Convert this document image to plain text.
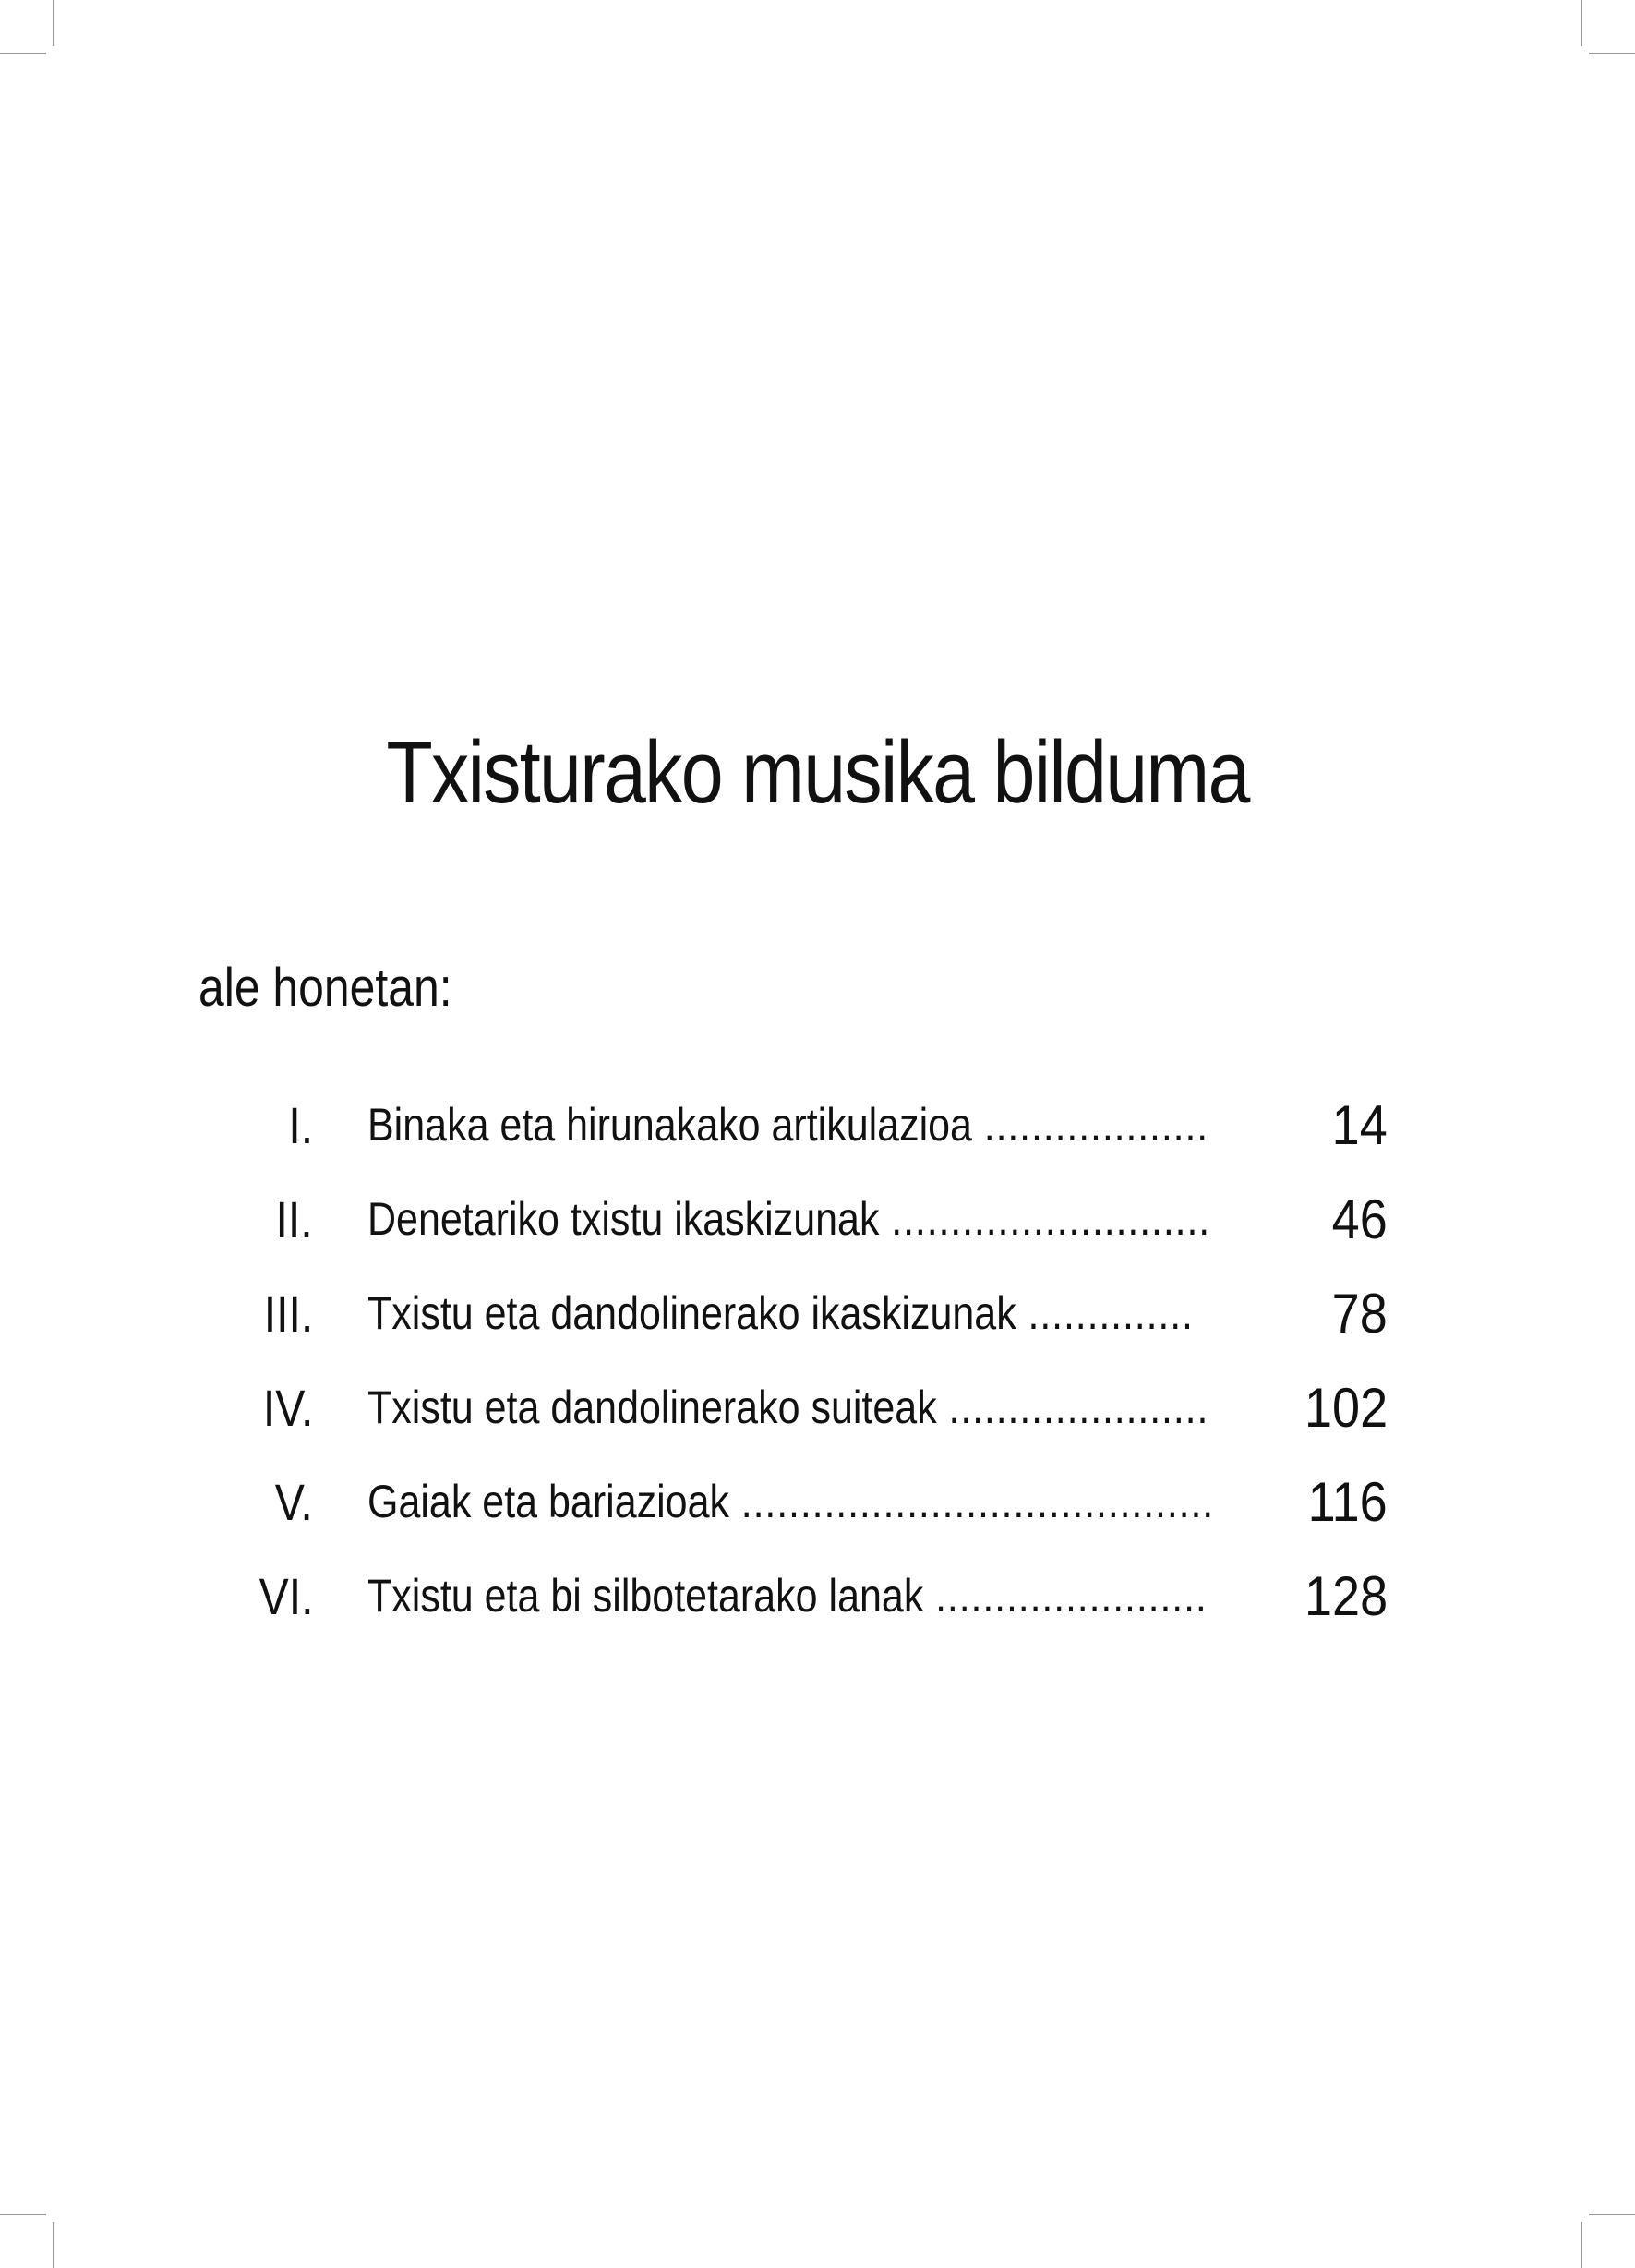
Txisturako musika bilduma
ale honetan:
I. Binaka eta hirunakako artikulazioa ...................	14
II. Denetariko txistu ikaskizunak ...........................	46
III. Txistu eta dandolinerako ikaskizunak ..............	78
IV. Txistu eta dandolinerako suiteak ......................	102
V. Gaiak eta bariazioak ........................................	116
VI. Txistu eta bi silbotetarako lanak .......................	128
